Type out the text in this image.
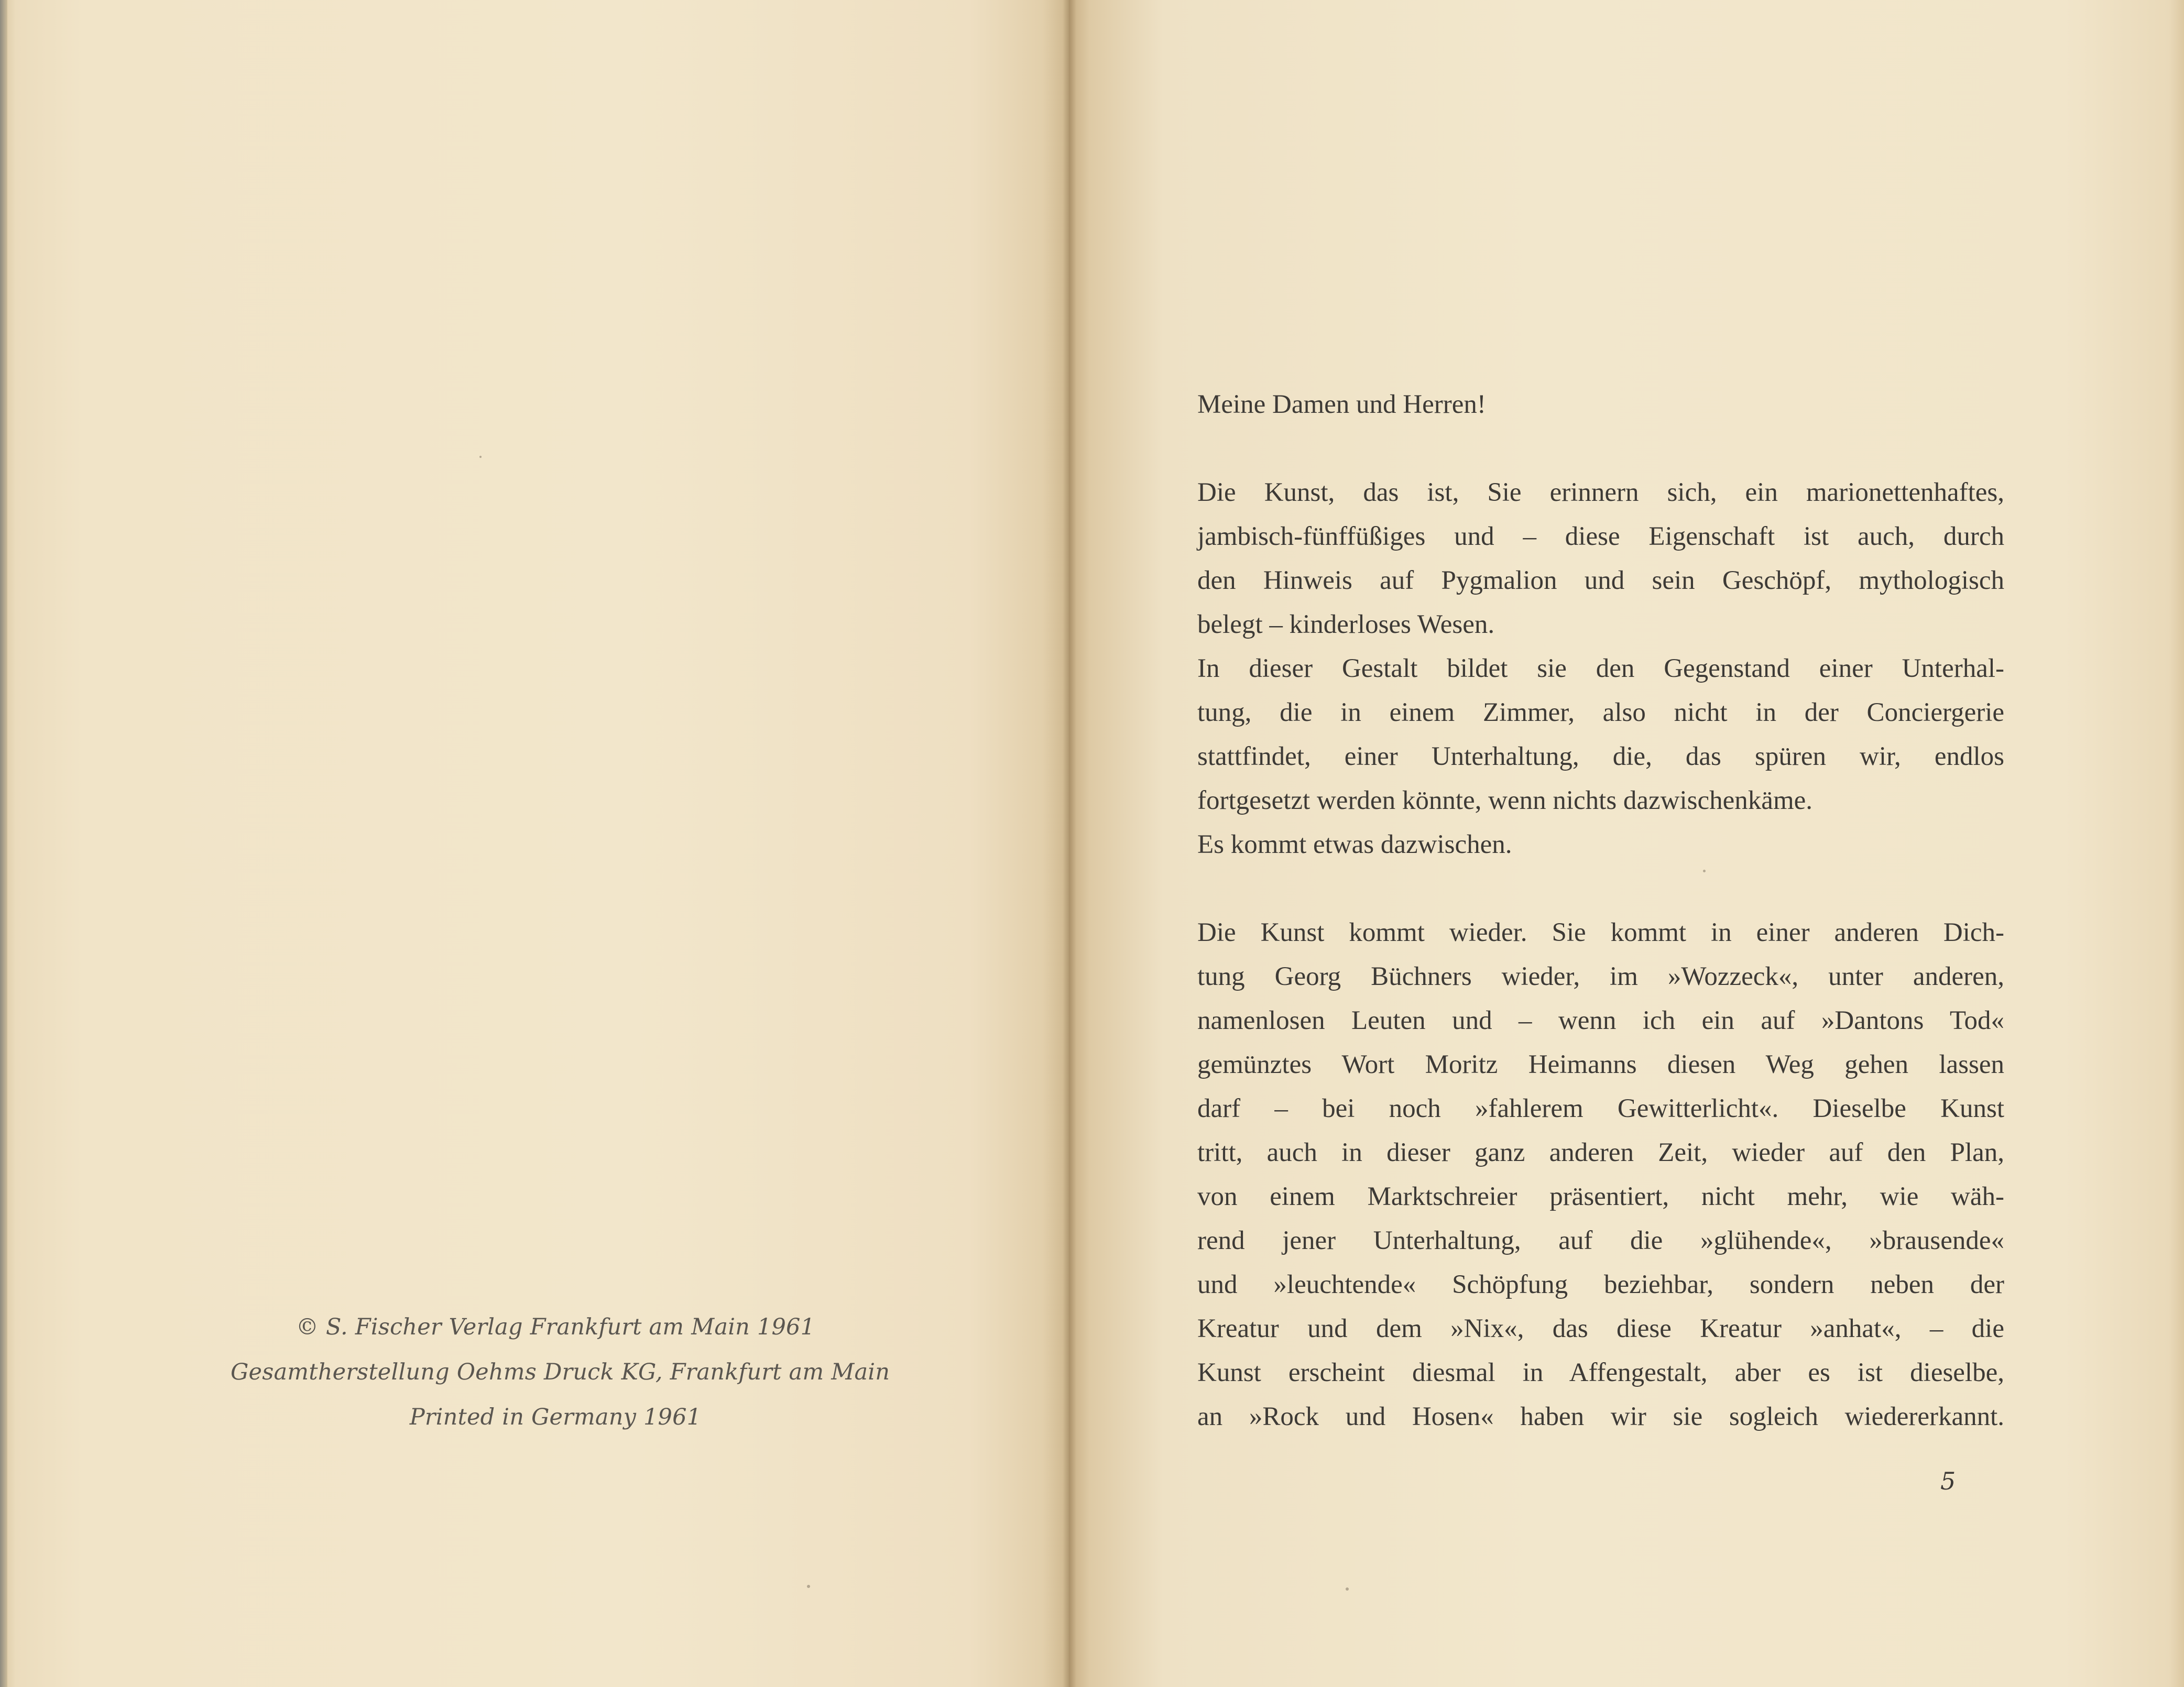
© S. Fischer Verlag Frankfurt am Main 1961
Gesamtherstellung Oehms Druck KG, Frankfurt am Main
Printed in Germany 1961
Meine Damen und Herren!
Die Kunst, das ist, Sie erinnern sich, ein marionettenhaftes,
jambisch-fünffüßiges und – diese Eigenschaft ist auch, durch
den Hinweis auf Pygmalion und sein Geschöpf, mythologisch
belegt – kinderloses Wesen.
In dieser Gestalt bildet sie den Gegenstand einer Unterhal-
tung, die in einem Zimmer, also nicht in der Conciergerie
stattfindet, einer Unterhaltung, die, das spüren wir, endlos
fortgesetzt werden könnte, wenn nichts dazwischenkäme.
Es kommt etwas dazwischen.
Die Kunst kommt wieder. Sie kommt in einer anderen Dich-
tung Georg Büchners wieder, im »Wozzeck«, unter anderen,
namenlosen Leuten und – wenn ich ein auf »Dantons Tod«
gemünztes Wort Moritz Heimanns diesen Weg gehen lassen
darf – bei noch »fahlerem Gewitterlicht«. Dieselbe Kunst
tritt, auch in dieser ganz anderen Zeit, wieder auf den Plan,
von einem Marktschreier präsentiert, nicht mehr, wie wäh-
rend jener Unterhaltung, auf die »glühende«, »brausende«
und »leuchtende« Schöpfung beziehbar, sondern neben der
Kreatur und dem »Nix«, das diese Kreatur »anhat«, – die
Kunst erscheint diesmal in Affengestalt, aber es ist dieselbe,
an »Rock und Hosen« haben wir sie sogleich wiedererkannt.
5
